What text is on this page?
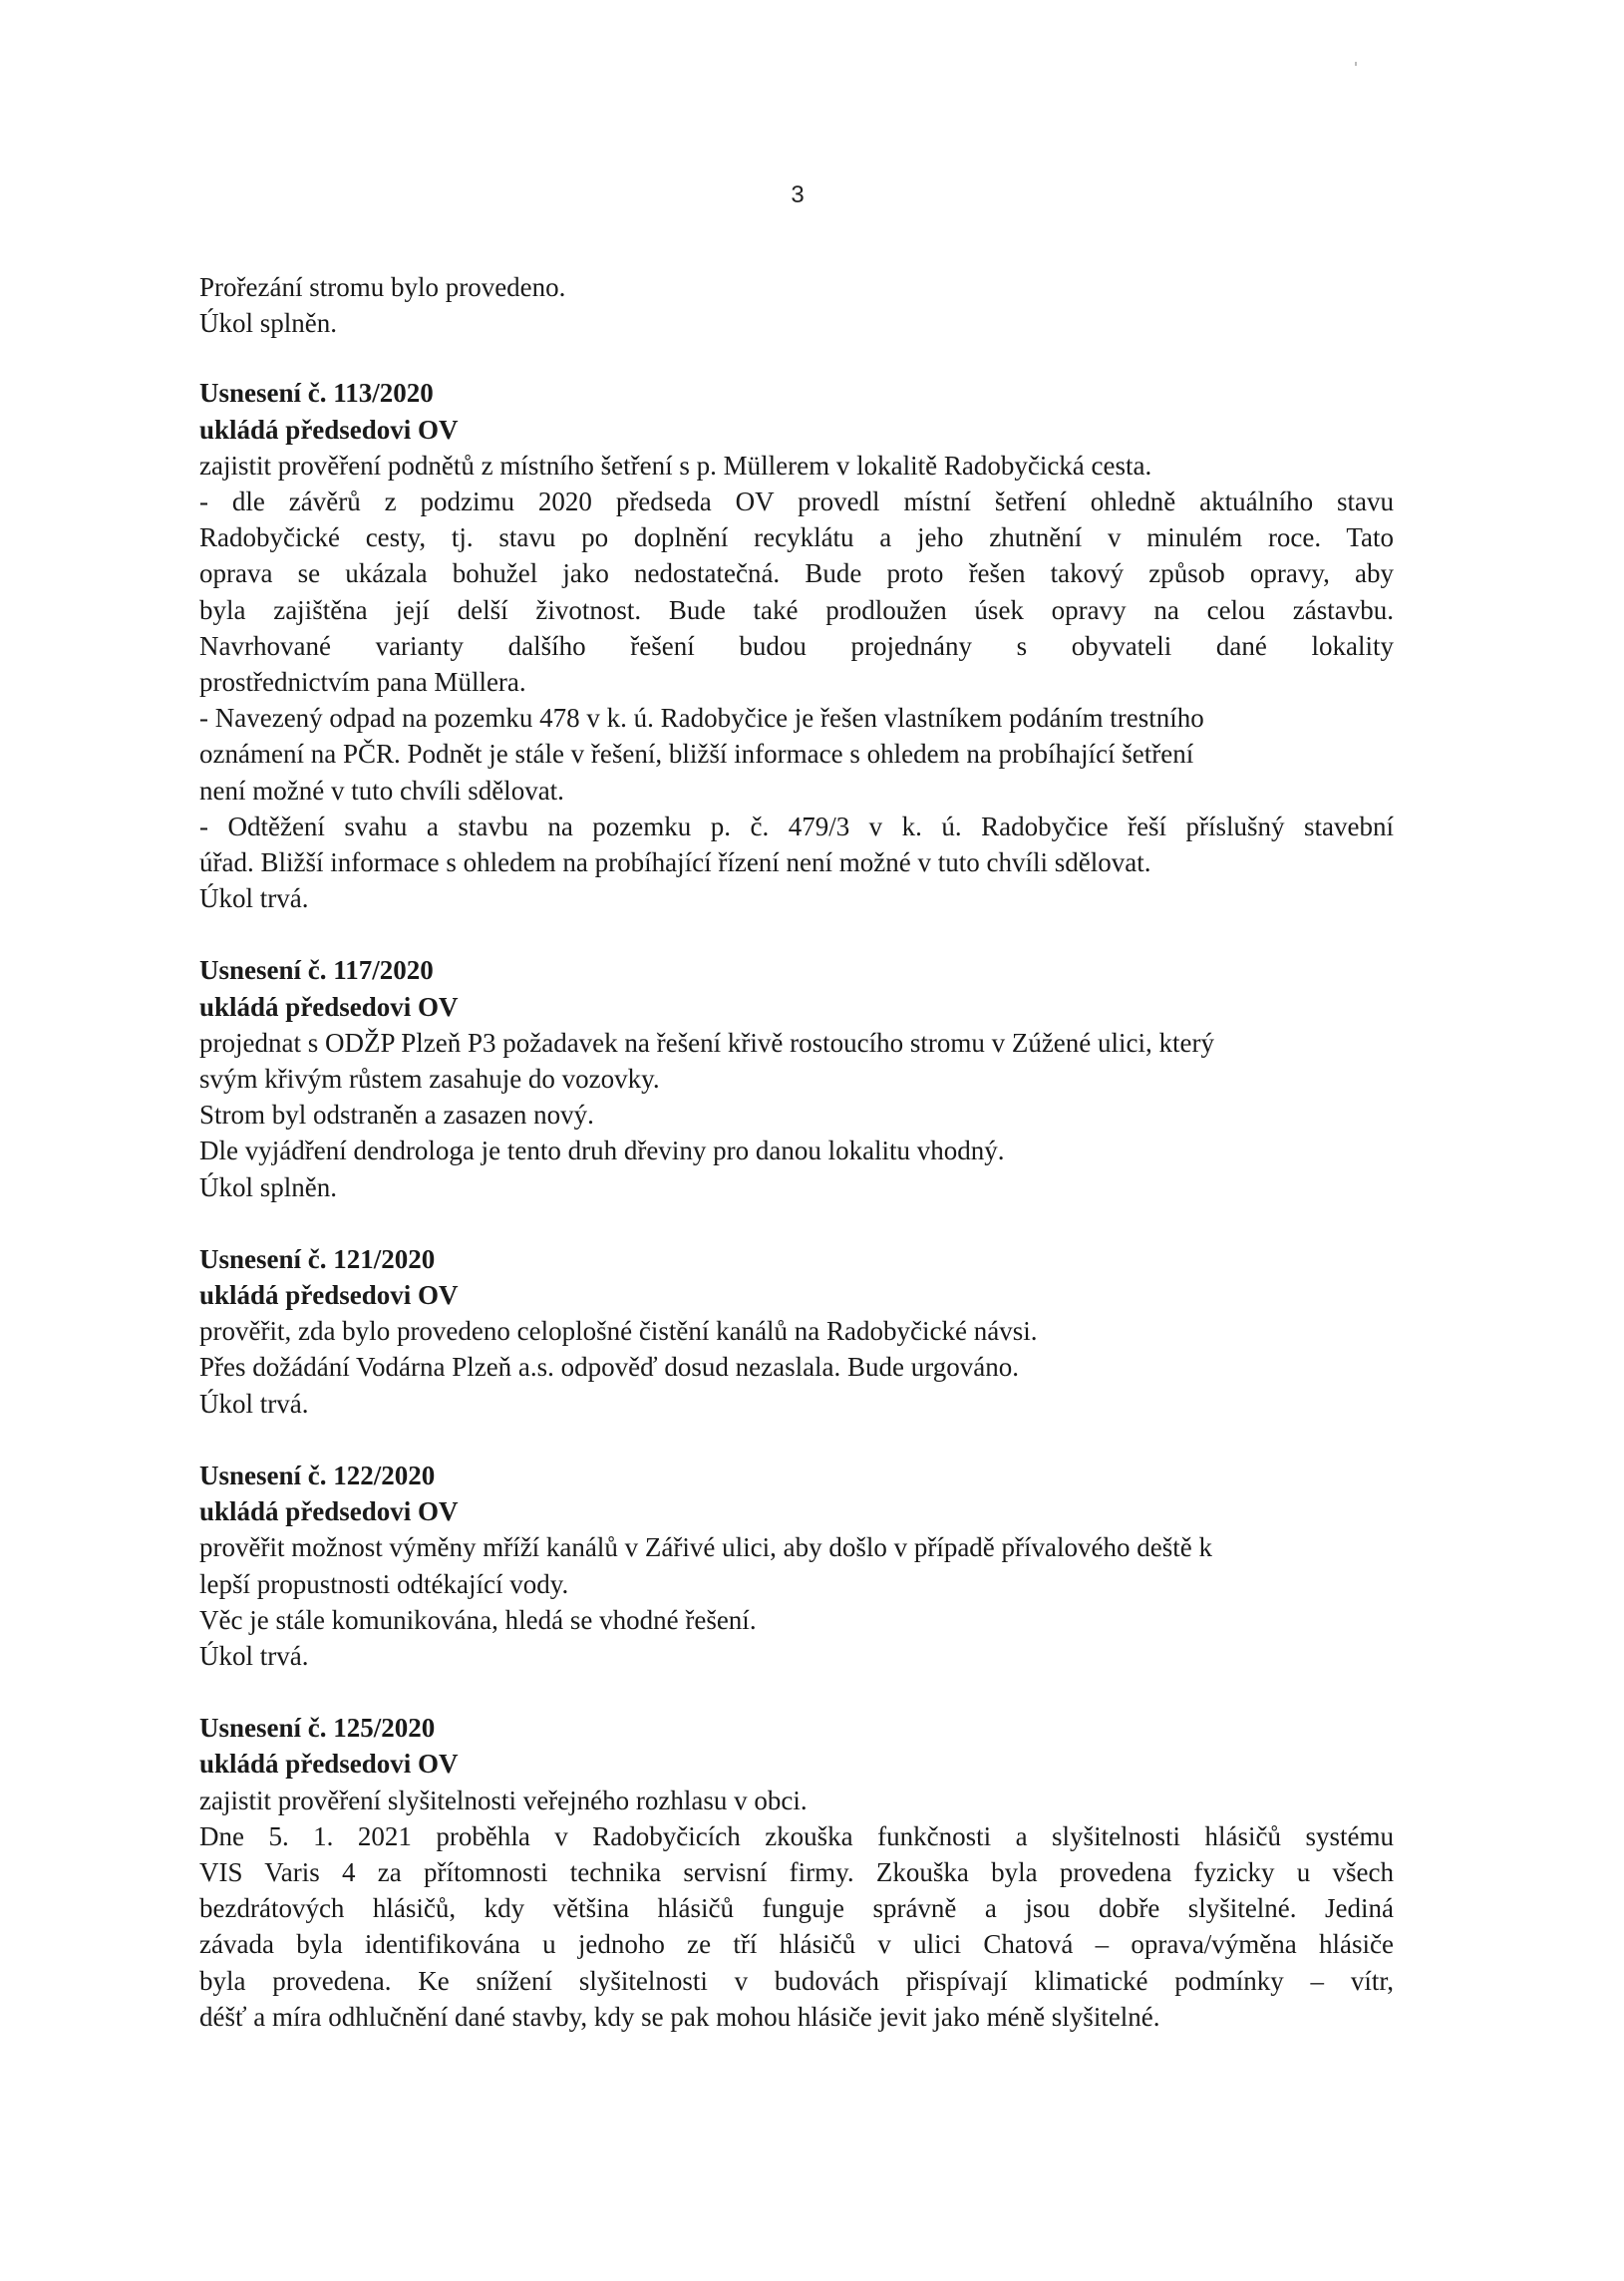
3
Prořezání stromu bylo provedeno.
Úkol splněn.
Usnesení č. 113/2020
ukládá předsedovi OV
zajistit prověření podnětů z místního šetření s p. Müllerem v lokalitě Radobyčická cesta.
- dle závěrů z podzimu 2020 předseda OV provedl místní šetření ohledně aktuálního stavu
Radobyčické cesty, tj. stavu po doplnění recyklátu a jeho zhutnění v minulém roce. Tato
oprava se ukázala bohužel jako nedostatečná. Bude proto řešen takový způsob opravy, aby
byla zajištěna její delší životnost. Bude také prodloužen úsek opravy na celou zástavbu.
Navrhované varianty dalšího řešení budou projednány s obyvateli dané lokality
prostřednictvím pana Müllera.
- Navezený odpad na pozemku 478 v k. ú. Radobyčice je řešen vlastníkem podáním trestního
oznámení na PČR. Podnět je stále v řešení, bližší informace s ohledem na probíhající šetření
není možné v tuto chvíli sdělovat.
- Odtěžení svahu a stavbu na pozemku p. č. 479/3 v k. ú. Radobyčice řeší příslušný stavební
úřad. Bližší informace s ohledem na probíhající řízení není možné v tuto chvíli sdělovat.
Úkol trvá.
Usnesení č. 117/2020
ukládá předsedovi OV
projednat s ODŽP Plzeň P3 požadavek na řešení křivě rostoucího stromu v Zúžené ulici, který
svým křivým růstem zasahuje do vozovky.
Strom byl odstraněn a zasazen nový.
Dle vyjádření dendrologa je tento druh dřeviny pro danou lokalitu vhodný.
Úkol splněn.
Usnesení č. 121/2020
ukládá předsedovi OV
prověřit, zda bylo provedeno celoplošné čistění kanálů na Radobyčické návsi.
Přes dožádání Vodárna Plzeň a.s. odpověď dosud nezaslala. Bude urgováno.
Úkol trvá.
Usnesení č. 122/2020
ukládá předsedovi OV
prověřit možnost výměny mříží kanálů v Zářivé ulici, aby došlo v případě přívalového deště k
lepší propustnosti odtékající vody.
Věc je stále komunikována, hledá se vhodné řešení.
Úkol trvá.
Usnesení č. 125/2020
ukládá předsedovi OV
zajistit prověření slyšitelnosti veřejného rozhlasu v obci.
Dne 5. 1. 2021 proběhla v Radobyčicích zkouška funkčnosti a slyšitelnosti hlásičů systému
VIS Varis 4 za přítomnosti technika servisní firmy. Zkouška byla provedena fyzicky u všech
bezdrátových hlásičů, kdy většina hlásičů funguje správně a jsou dobře slyšitelné. Jediná
závada byla identifikována u jednoho ze tří hlásičů v ulici Chatová – oprava/výměna hlásiče
byla provedena. Ke snížení slyšitelnosti v budovách přispívají klimatické podmínky – vítr,
déšť a míra odhlučnění dané stavby, kdy se pak mohou hlásiče jevit jako méně slyšitelné.
